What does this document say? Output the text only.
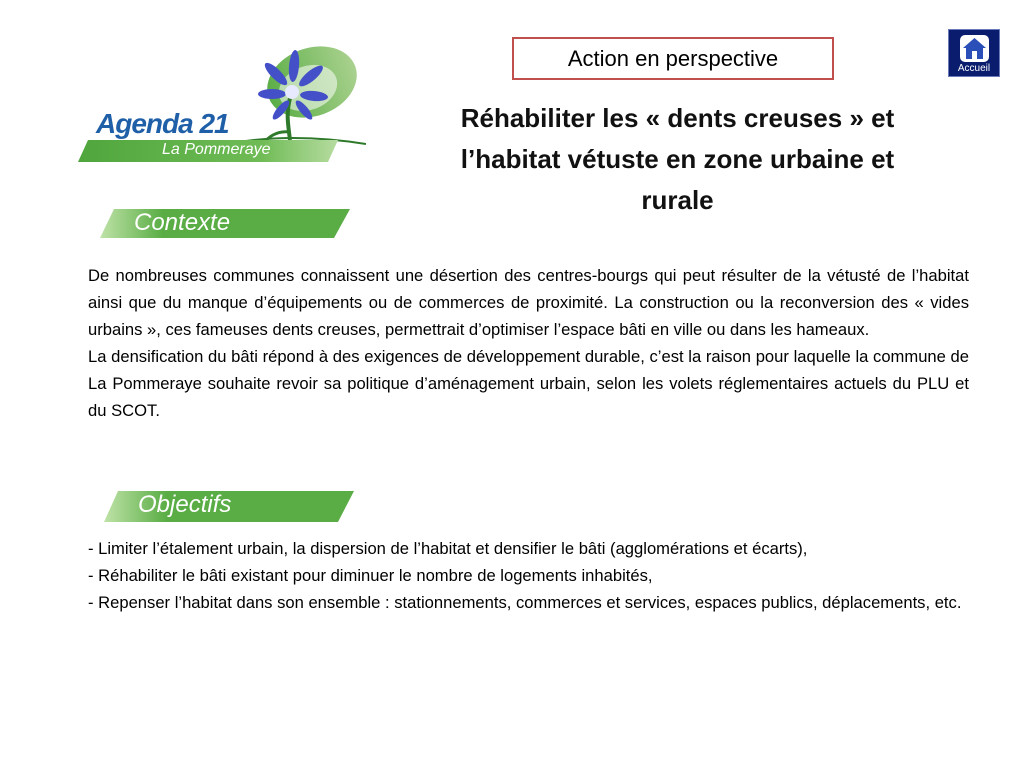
Agenda 21
La Pommeraye
Action en perspective	Accueil
Réhabiliter les « dents creuses » et
l’habitat vétuste en zone urbaine et
rurale
Contexte

De nombreuses communes connaissent une désertion des centres-bourgs qui peut résulter de la vétusté de l’habitat ainsi que du manque d’équipements ou de commerces de proximité. La construction ou la reconversion des « vides urbains », ces fameuses dents creuses, permettrait d’optimiser l’espace bâti en ville ou dans les hameaux.

La densification du bâti répond à des exigences de développement durable, c’est la raison pour laquelle la commune de La Pommeraye souhaite revoir sa politique d’aménagement urbain, selon les volets réglementaires actuels du PLU et du SCOT.

Objectifs

- Limiter l’étalement urbain, la dispersion de l’habitat et densifier le bâti (agglomérations et écarts),

- Réhabiliter le bâti existant pour diminuer le nombre de logements inhabités,

- Repenser l’habitat dans son ensemble : stationnements, commerces et services, espaces publics, déplacements, etc.
